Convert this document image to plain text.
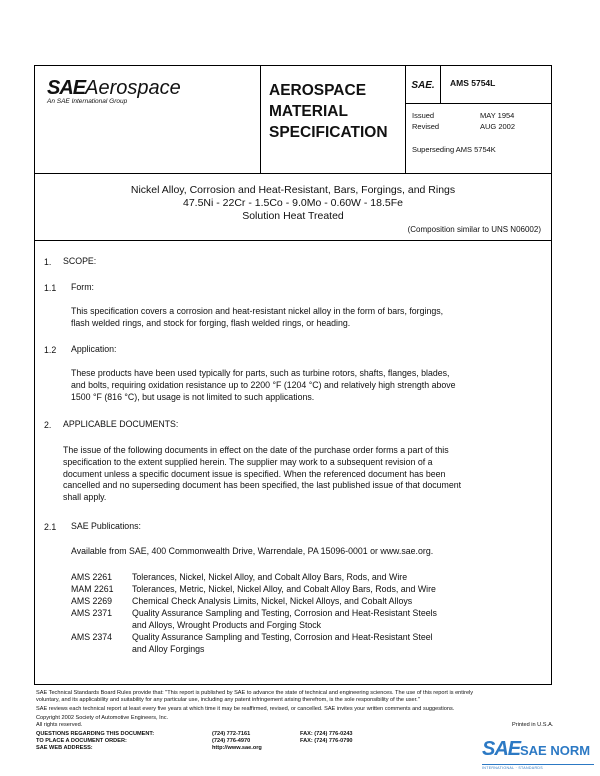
SAEAerospace
An SAE International Group
AEROSPACE
MATERIAL
SPECIFICATION
SAE.	AMS 5754L
Issued	MAY 1954
Revised	AUG 2002
Superseding AMS 5754K
Nickel Alloy, Corrosion and Heat-Resistant, Bars, Forgings, and Rings
47.5Ni - 22Cr - 1.5Co - 9.0Mo - 0.60W - 18.5Fe
Solution Heat Treated
(Composition similar to UNS N06002)
1. SCOPE:
1.1 Form:
This specification covers a corrosion and heat-resistant nickel alloy in the form of bars, forgings,
flash welded rings, and stock for forging, flash welded rings, or heading.
1.2 Application:
These products have been used typically for parts, such as turbine rotors, shafts, flanges, blades,
and bolts, requiring oxidation resistance up to 2200 °F (1204 °C) and relatively high strength above
1500 °F (816 °C), but usage is not limited to such applications.
2. APPLICABLE DOCUMENTS:
The issue of the following documents in effect on the date of the purchase order forms a part of this
specification to the extent supplied herein. The supplier may work to a subsequent revision of a
document unless a specific document issue is specified. When the referenced document has been
cancelled and no superseding document has been specified, the last published issue of that document
shall apply.
2.1 SAE Publications:
Available from SAE, 400 Commonwealth Drive, Warrendale, PA 15096-0001 or www.sae.org.
AMS 2261 Tolerances, Nickel, Nickel Alloy, and Cobalt Alloy Bars, Rods, and Wire
MAM 2261 Tolerances, Metric, Nickel, Nickel Alloy, and Cobalt Alloy Bars, Rods, and Wire
AMS 2269 Chemical Check Analysis Limits, Nickel, Nickel Alloys, and Cobalt Alloys
AMS 2371 Quality Assurance Sampling and Testing, Corrosion and Heat-Resistant Steels
and Alloys, Wrought Products and Forging Stock
AMS 2374 Quality Assurance Sampling and Testing, Corrosion and Heat-Resistant Steel
and Alloy Forgings
SAE Technical Standards Board Rules provide that: "This report is published by SAE to advance the state of technical and engineering sciences. The use of this report is entirely
voluntary, and its applicability and suitability for any particular use, including any patent infringement arising therefrom, is the sole responsibility of the user."
SAE reviews each technical report at least every five years at which time it may be reaffirmed, revised, or cancelled. SAE invites your written comments and suggestions.
Copyright 2002 Society of Automotive Engineers, Inc.
All rights reserved.	Printed in U.S.A.
QUESTIONS REGARDING THIS DOCUMENT:	(724) 772-7161	FAX: (724) 776-0243
TO PLACE A DOCUMENT ORDER:	(724) 776-4970	FAX: (724) 776-0790
SAE WEB ADDRESS:	http://www.sae.org	SAE SAE NORM
INTERNATIONAL · STANDARDS
